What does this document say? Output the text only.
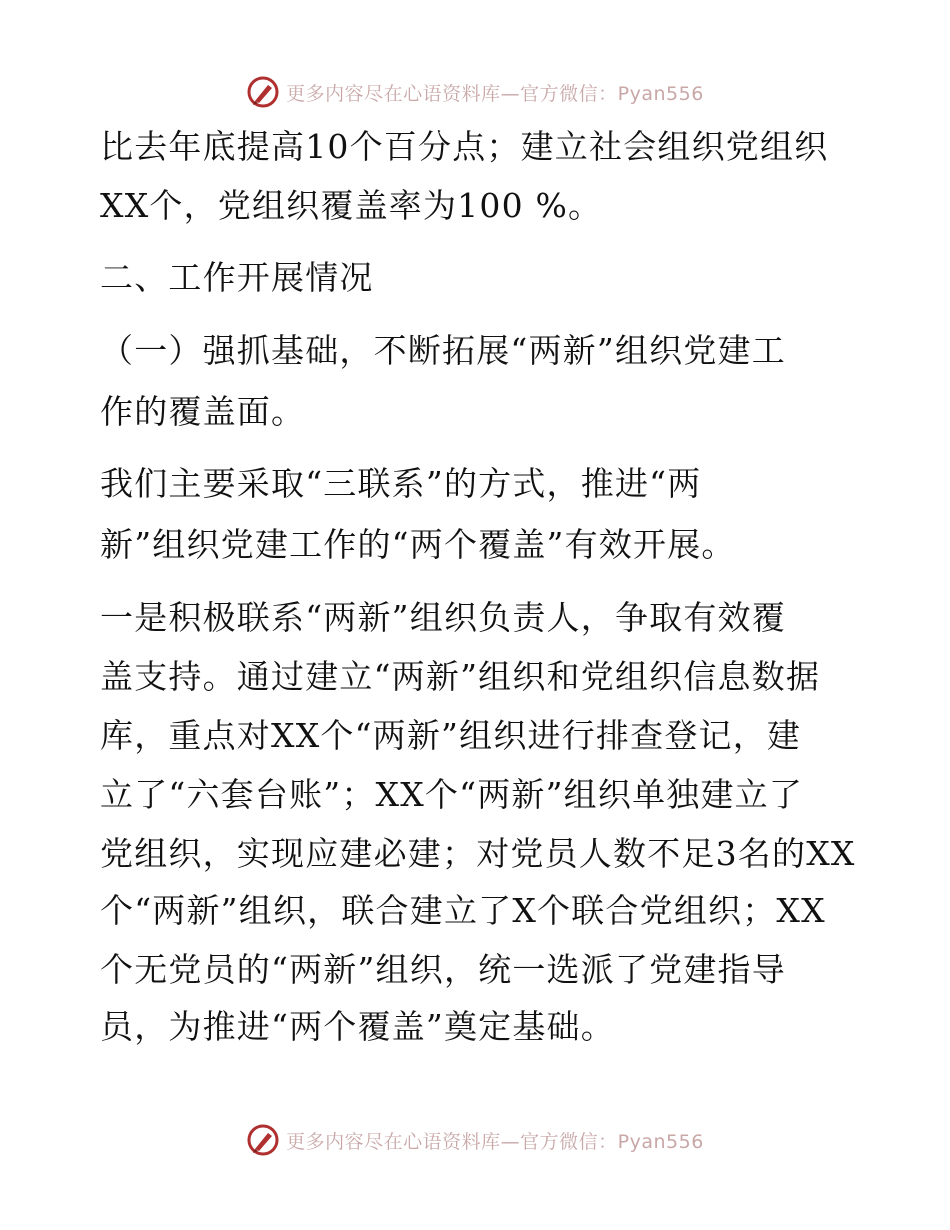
更多内容尽在心语资料库—官方微信：Pyan556
比去年底提高10个百分点；建立社会组织党组织
XX个，党组织覆盖率为100 %。
二、工作开展情况
（一）强抓基础，不断拓展“两新”组织党建工
作的覆盖面。
我们主要采取“三联系”的方式，推进“两
新”组织党建工作的“两个覆盖”有效开展。
一是积极联系“两新”组织负责人，争取有效覆
盖支持。通过建立“两新”组织和党组织信息数据
库，重点对XX个“两新”组织进行排查登记，建
立了“六套台账”；XX个“两新”组织单独建立了
党组织，实现应建必建；对党员人数不足3名的XX
个“两新”组织，联合建立了X个联合党组织；XX
个无党员的“两新”组织，统一选派了党建指导
员，为推进“两个覆盖”奠定基础。
更多内容尽在心语资料库—官方微信：Pyan556
